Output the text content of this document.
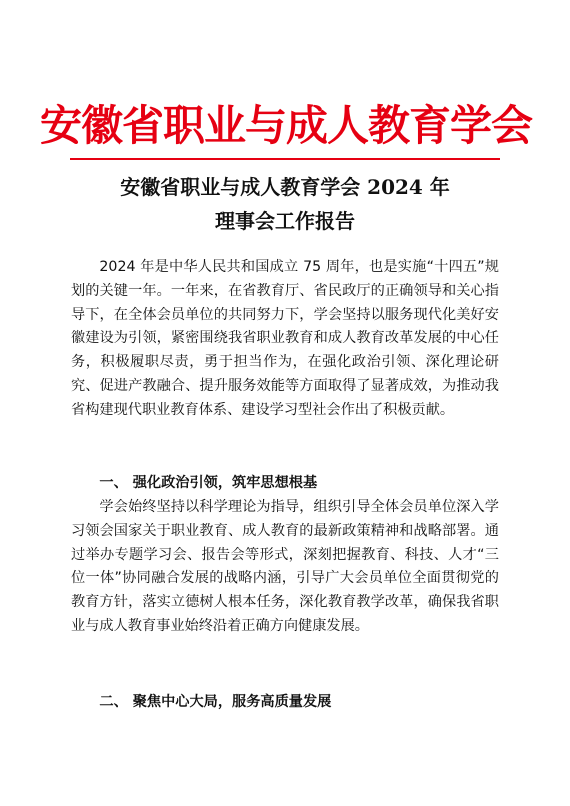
安徽省职业与成人教育学会
安徽省职业与成人教育学会 2024 年
理事会工作报告

2024 年是中华人民共和国成立 75 周年，也是实施“十四五”规划的关键一年。一年来，在省教育厅、省民政厅的正确领导和关心指导下，在全体会员单位的共同努力下，学会坚持以服务现代化美好安徽建设为引领，紧密围绕我省职业教育和成人教育改革发展的中心任务，积极履职尽责，勇于担当作为，在强化政治引领、深化理论研究、促进产教融合、提升服务效能等方面取得了显著成效，为推动我省构建现代职业教育体系、建设学习型社会作出了积极贡献。

一、 强化政治引领，筑牢思想根基

学会始终坚持以科学理论为指导，组织引导全体会员单位深入学习领会国家关于职业教育、成人教育的最新政策精神和战略部署。通过举办专题学习会、报告会等形式，深刻把握教育、科技、人才“三位一体”协同融合发展的战略内涵，引导广大会员单位全面贯彻党的教育方针，落实立德树人根本任务，深化教育教学改革，确保我省职业与成人教育事业始终沿着正确方向健康发展。

二、 聚焦中心大局，服务高质量发展
